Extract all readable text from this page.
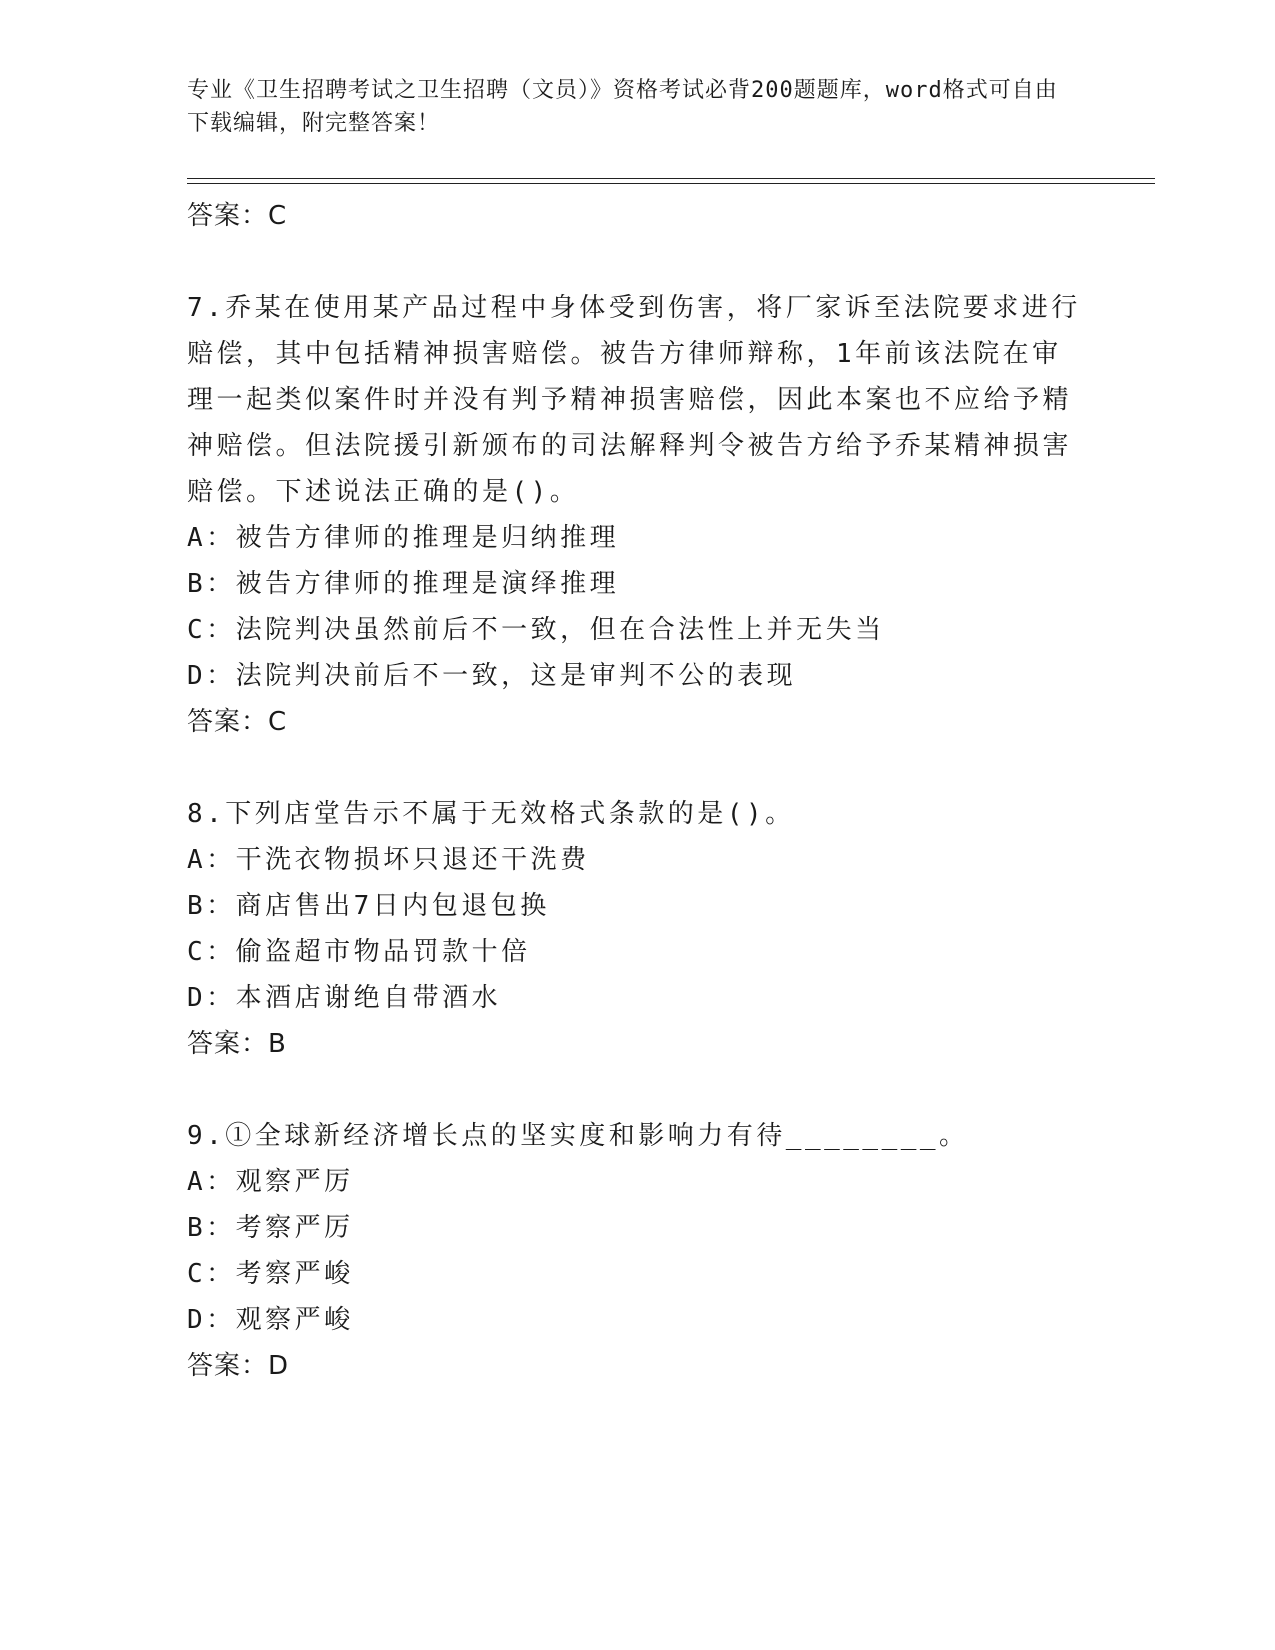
专业《卫生招聘考试之卫生招聘（文员）》资格考试必背200题题库，word格式可自由下载编辑，附完整答案！
答案：C
7.乔某在使用某产品过程中身体受到伤害，将厂家诉至法院要求进行赔偿，其中包括精神损害赔偿。被告方律师辩称，1年前该法院在审理一起类似案件时并没有判予精神损害赔偿，因此本案也不应给予精神赔偿。但法院援引新颁布的司法解释判令被告方给予乔某精神损害赔偿。下述说法正确的是()。
A：被告方律师的推理是归纳推理
B：被告方律师的推理是演绎推理
C：法院判决虽然前后不一致，但在合法性上并无失当
D：法院判决前后不一致，这是审判不公的表现
答案：C
8.下列店堂告示不属于无效格式条款的是()。
A：干洗衣物损坏只退还干洗费
B：商店售出7日内包退包换
C：偷盗超市物品罚款十倍
D：本酒店谢绝自带酒水
答案：B
9.①全球新经济增长点的坚实度和影响力有待________。
A：观察严厉
B：考察严厉
C：考察严峻
D：观察严峻
答案：D
